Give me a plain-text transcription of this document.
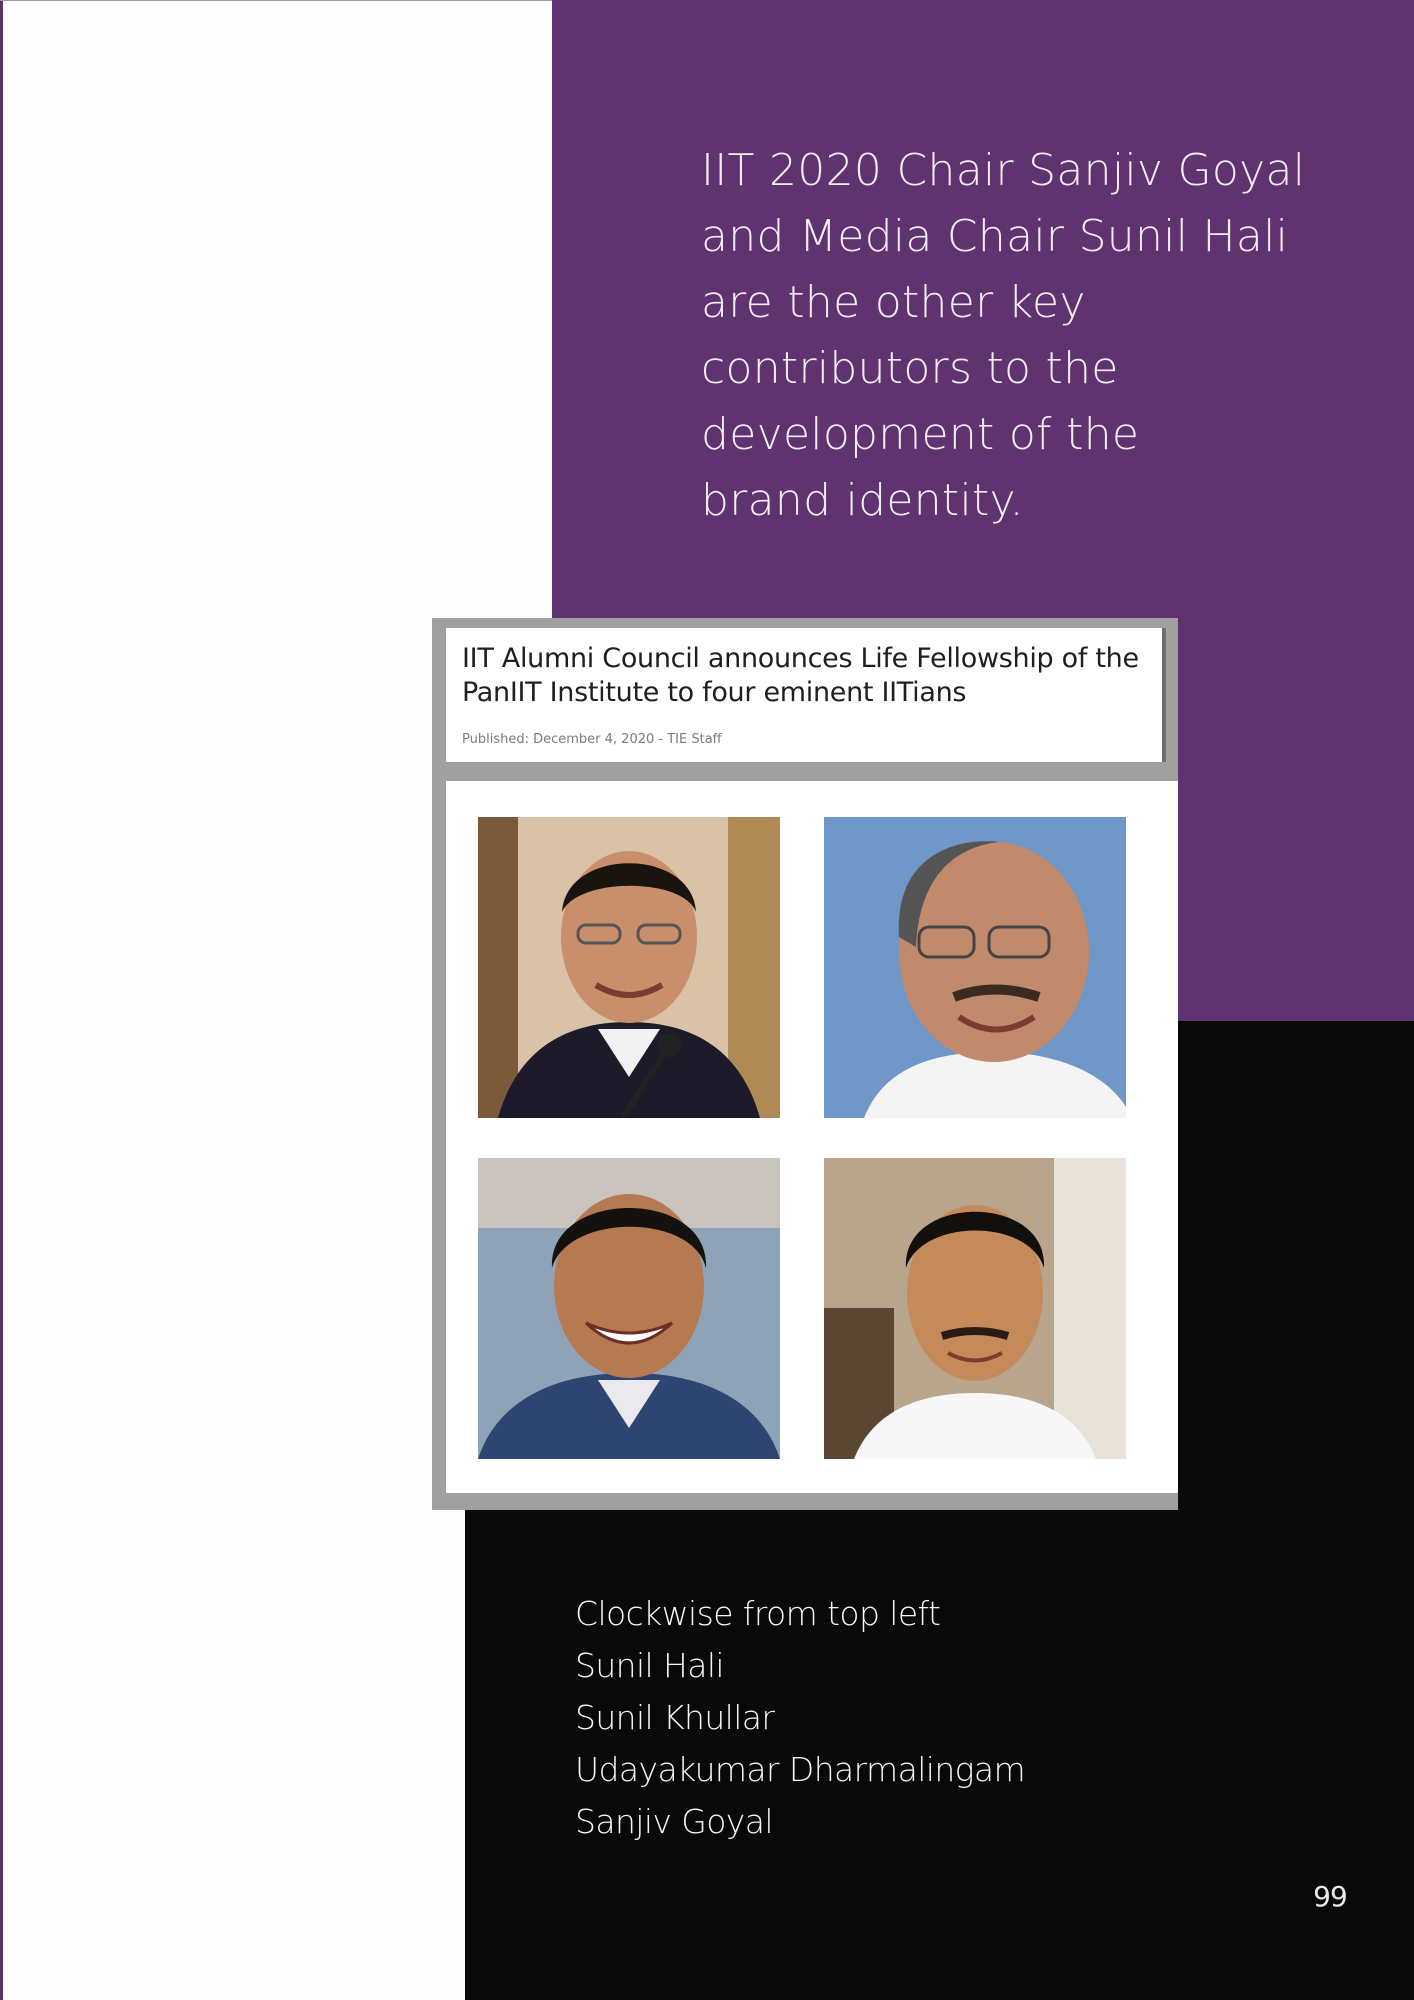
IIT 2020 Chair Sanjiv Goyal
and Media Chair Sunil Hali
are the other key
contributors to the
development of the
brand identity.

IIT Alumni Council announces Life Fellowship of the PanIIT Institute to four eminent IITians
Published: December 4, 2020 - TIE Staff
Clockwise from top left
Sunil Hali
Sunil Khullar
Udayakumar Dharmalingam
Sanjiv Goyal
99
